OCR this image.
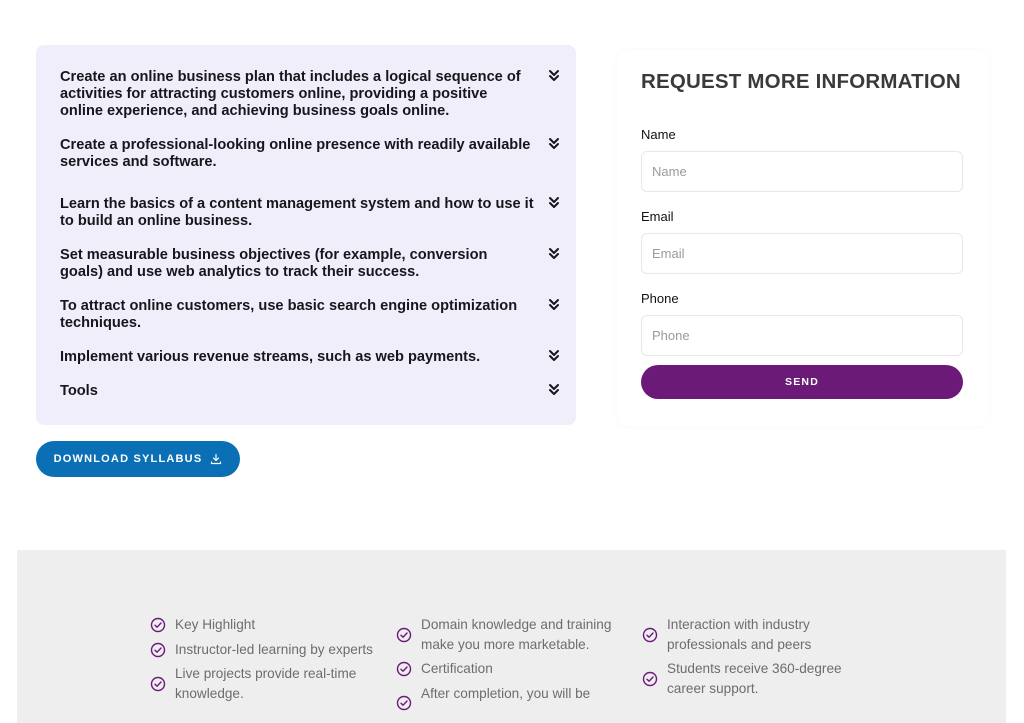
Create an online business plan that includes a logical sequence of activities for attracting customers online, providing a positive online experience, and achieving business goals online.
Create a professional-looking online presence with readily available services and software.
Learn the basics of a content management system and how to use it to build an online business.
Set measurable business objectives (for example, conversion goals) and use web analytics to track their success.
To attract online customers, use basic search engine optimization techniques.
Implement various revenue streams, such as web payments.
Tools
DOWNLOAD SYLLABUS
REQUEST MORE INFORMATION
Name
Name
Email
Email
Phone
Phone
SEND
Key Highlight
Instructor-led learning by experts
Live projects provide real-time knowledge.
Domain knowledge and training make you more marketable.
Certification
After completion, you will be
Interaction with industry professionals and peers
Students receive 360-degree career support.
